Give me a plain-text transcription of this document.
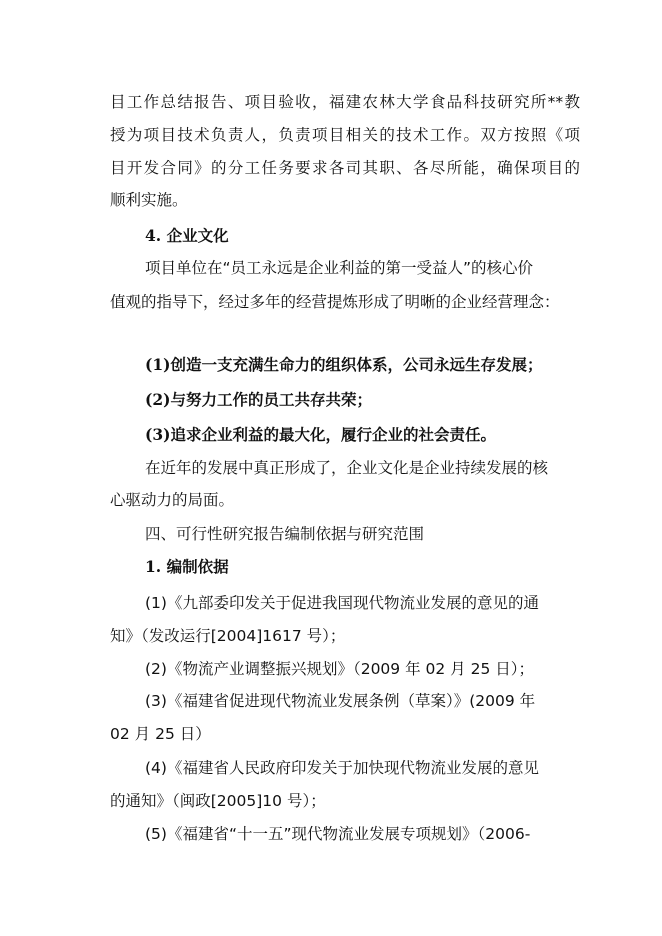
目工作总结报告、项目验收，福建农林大学食品科技研究所**教
授为项目技术负责人，负责项目相关的技术工作。双方按照《项
目开发合同》的分工任务要求各司其职、各尽所能，确保项目的
顺利实施。
4. 企业文化
项目单位在“员工永远是企业利益的第一受益人”的核心价
值观的指导下，经过多年的经营提炼形成了明晰的企业经营理念：
(1)创造一支充满生命力的组织体系，公司永远生存发展；
(2)与努力工作的员工共存共荣；
(3)追求企业利益的最大化，履行企业的社会责任。
在近年的发展中真正形成了，企业文化是企业持续发展的核
心驱动力的局面。
四、可行性研究报告编制依据与研究范围
1. 编制依据
(1)《九部委印发关于促进我国现代物流业发展的意见的通
知》（发改运行[2004]1617 号）；
(2)《物流产业调整振兴规划》（2009 年 02 月 25 日）；
(3)《福建省促进现代物流业发展条例（草案）》(2009 年
02 月 25 日）
(4)《福建省人民政府印发关于加快现代物流业发展的意见
的通知》（闽政[2005]10 号）；
(5)《福建省“十一五”现代物流业发展专项规划》（2006-
